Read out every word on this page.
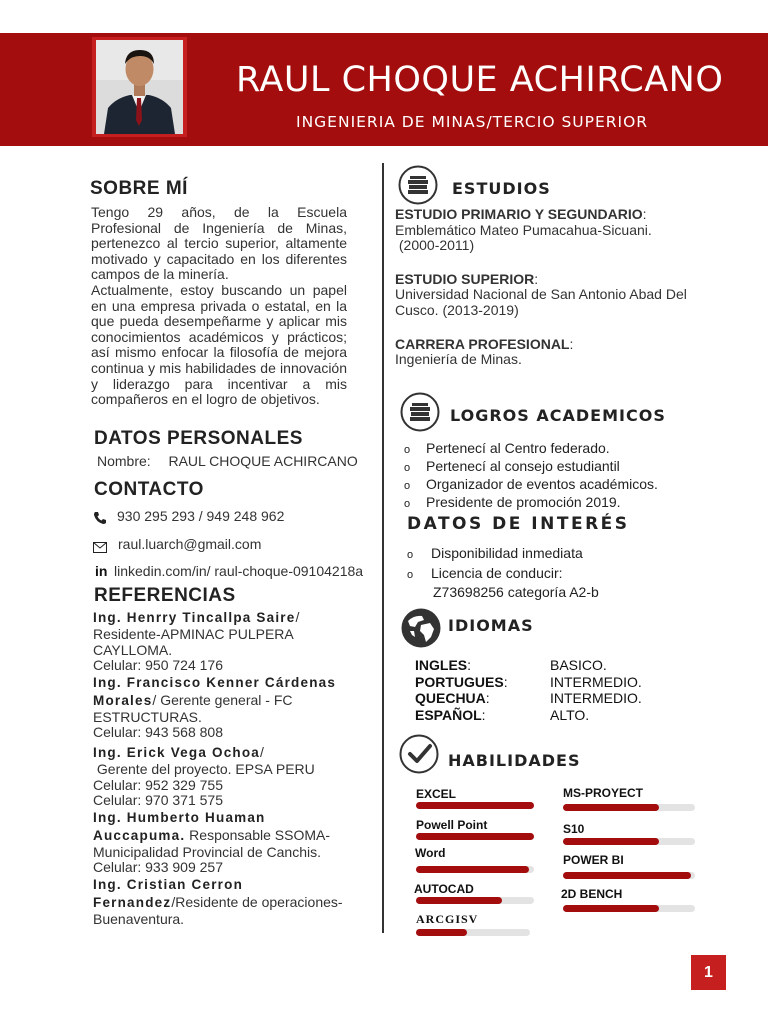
RAUL CHOQUE ACHIRCANO
INGENIERIA DE MINAS/TERCIO SUPERIOR
SOBRE MÍ
Tengo 29 años, de la Escuela Profesional de Ingeniería de Minas, pertenezco al tercio superior, altamente motivado y capacitado en los diferentes campos de la minería.
Actualmente, estoy buscando un papel en una empresa privada o estatal, en la que pueda desempeñarme y aplicar mis conocimientos académicos y prácticos; así mismo enfocar la filosofía de mejora continua y mis habilidades de innovación y liderazgo para incentivar a mis compañeros en el logro de objetivos.
DATOS PERSONALES
Nombre: RAUL CHOQUE ACHIRCANO
CONTACTO
930 295 293 / 949 248 962
raul.luarch@gmail.com
in linkedin.com/in/ raul-choque-09104218a
REFERENCIAS
Ing. Henrry Tincallpa Saire/
Residente-APMINAC PULPERA
CAYLLOMA.
Celular: 950 724 176
Ing. Francisco Kenner Cárdenas
Morales/ Gerente general - FC
ESTRUCTURAS.
Celular: 943 568 808
Ing. Erick Vega Ochoa/
Gerente del proyecto. EPSA PERU
Celular: 952 329 755
Celular: 970 371 575
Ing. Humberto Huaman
Auccapuma. Responsable SSOMA-
Municipalidad Provincial de Canchis.
Celular: 933 909 257
Ing. Cristian Cerron
Fernandez/Residente de operaciones-
Buenaventura.
ESTUDIOS
ESTUDIO PRIMARIO Y SEGUNDARIO:
Emblemático Mateo Pumacahua-Sicuani.
(2000-2011)
ESTUDIO SUPERIOR:
Universidad Nacional de San Antonio Abad Del
Cusco. (2013-2019)
CARRERA PROFESIONAL:
Ingeniería de Minas.
LOGROS ACADEMICOS
o Pertenecí al Centro federado.
o Pertenecí al consejo estudiantil
o Organizador de eventos académicos.
o Presidente de promoción 2019.
DATOS DE INTERÉS
o Disponibilidad inmediata
o Licencia de conducir:
Z73698256 categoría A2-b
IDIOMAS
INGLES:	BASICO.
PORTUGUES:	INTERMEDIO.
QUECHUA:	INTERMEDIO.
ESPAÑOL:	ALTO.
HABILIDADES
EXCEL
Powell Point
Word
AUTOCAD
ARCGISV
MS-PROYECT
S10
POWER BI
2D BENCH
1
